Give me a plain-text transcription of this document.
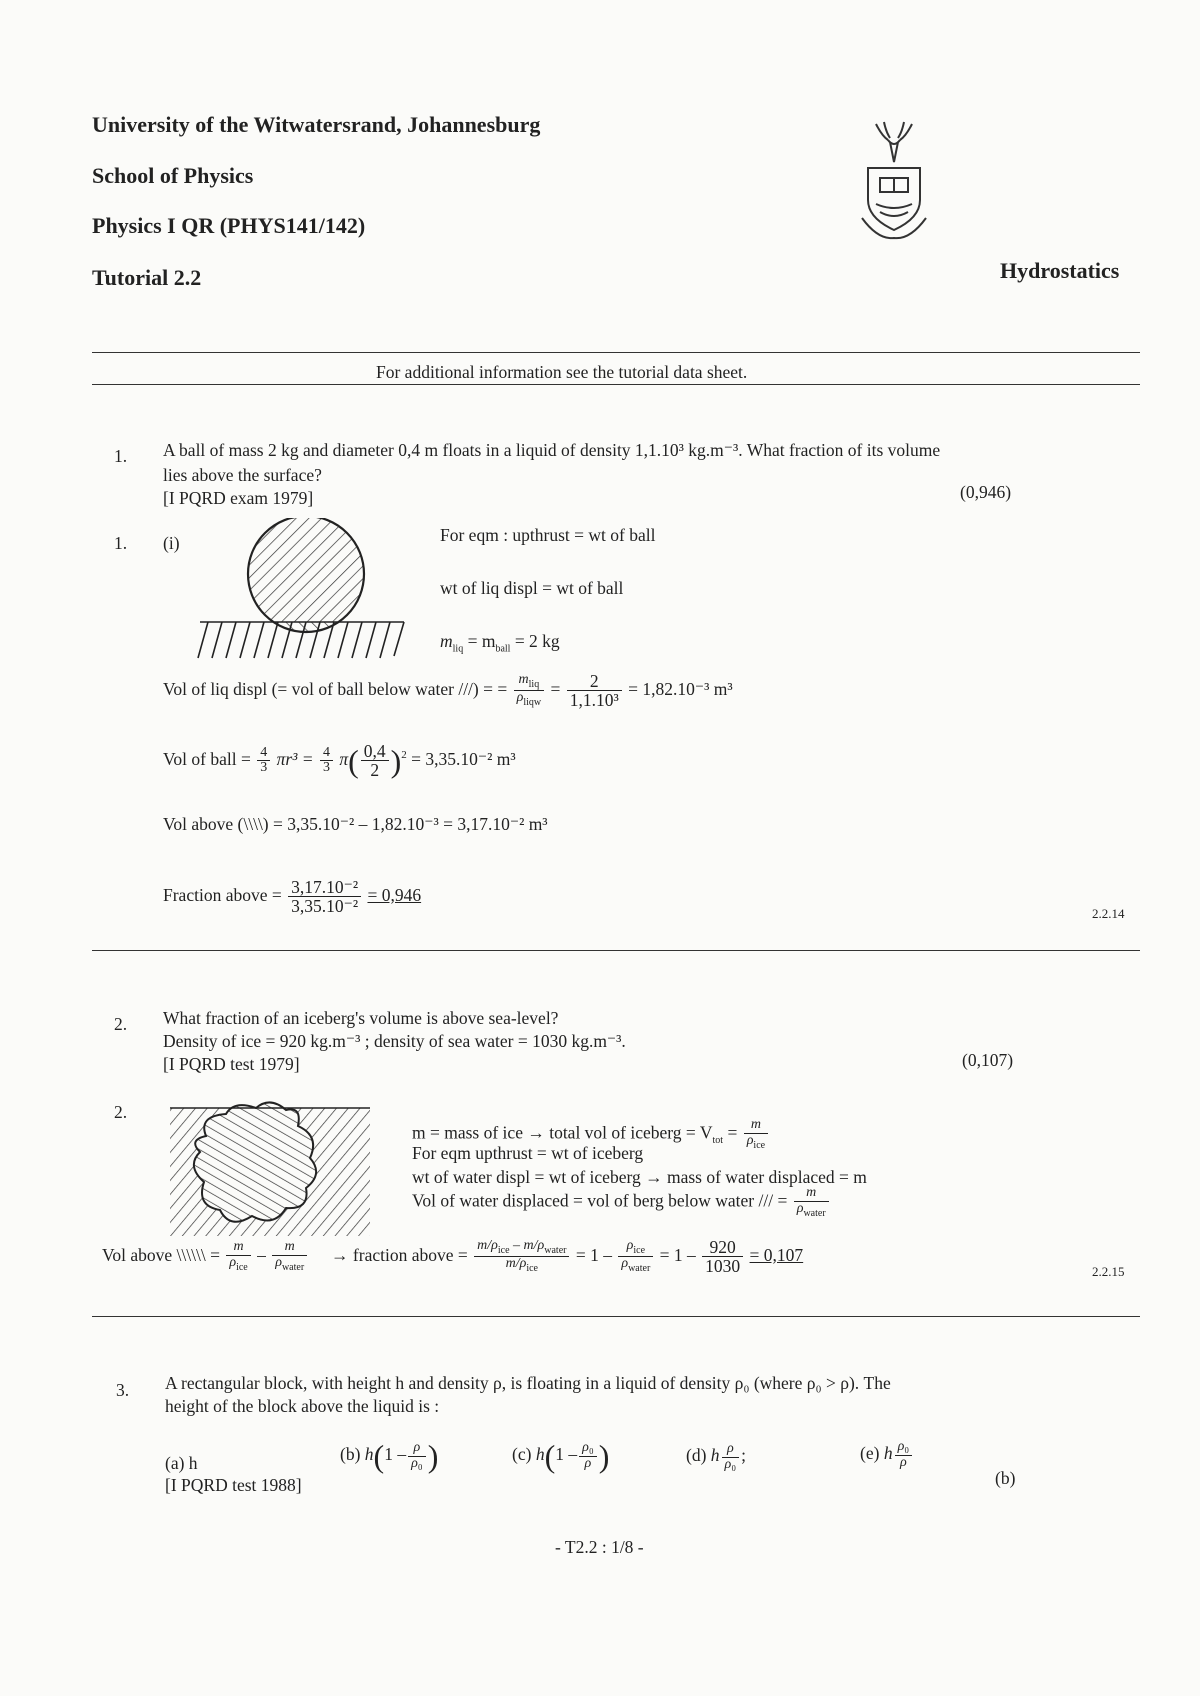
University of the Witwatersrand, Johannesburg
School of Physics
Physics I QR (PHYS141/142)
Tutorial 2.2	Hydrostatics
For additional information see the tutorial data sheet.
1. A ball of mass 2 kg and diameter 0,4 m floats in a liquid of density 1,1.10³ kg.m⁻³. What fraction of its volume
lies above the surface?
[I PQRD exam 1979]	(0,946)
1. (i)	For eqm : upthrust = wt of ball
wt of liq displ = wt of ball
$m_{liq} = m_{ball} = 2$ kg
Vol of liq displ (= vol of ball below water ///) = = $\frac{m_{liq}}{\rho_{liqw}} = \frac{2}{\text{1,1.10³}} = 1,82.10^{-3}$ m³
Vol of ball = $\frac{4}{3} \pi r^3 = \frac{4}{3} \pi( \frac{0,4}{2} )^2 = 3,35.10^{-2}$ m³
Vol above (\\\\) = 3,35.10⁻² – 1,82.10⁻³ = 3,17.10⁻² m³
Fraction above = $\frac{\text{3,17.10⁻²}}{\text{3,35.10⁻²}} = 0,946$
2.2.14
2. What fraction of an iceberg's volume is above sea-level?
Density of ice = 920 kg.m⁻³ ; density of sea water = 1030 kg.m⁻³.
[I PQRD test 1979]	(0,107)
2.
m = mass of ice → total vol of iceberg = $V_{tot} = \frac{m}{\rho_{ice}}$
For eqm upthrust = wt of iceberg
wt of water displ = wt of iceberg → mass of water displaced = m
Vol of water displaced = vol of berg below water /// = $\frac{m}{\rho_{water}}$
Vol above \\\\\\ = $\frac{m}{\rho_{ice}} - \frac{m}{\rho_{water}}$ → fraction above = $\frac{m/\rho_{ice} - m/\rho_{water}}{m/\rho_{ice}} = 1 - \frac{\rho_{ice}}{\rho_{water}} = 1 - \frac{920}{1030} = 0,107$
2.2.15
3. A rectangular block, with height h and density ρ, is floating in a liquid of density ρ₀ (where ρ₀ > ρ). The
height of the block above the liquid is :
(a) h	(b) $h(1 - \frac{\rho}{\text{ρ₀}}$ )	(c) $h(1 - \frac{\text{ρ₀}}{\rho}$ )	(d) h $\frac{\rho}{\text{ρ₀}}$ ;	(e) h $\frac{\text{ρ₀}}{\rho}$
[I PQRD test 1988]	(b)
- T2.2 : 1/8 -
